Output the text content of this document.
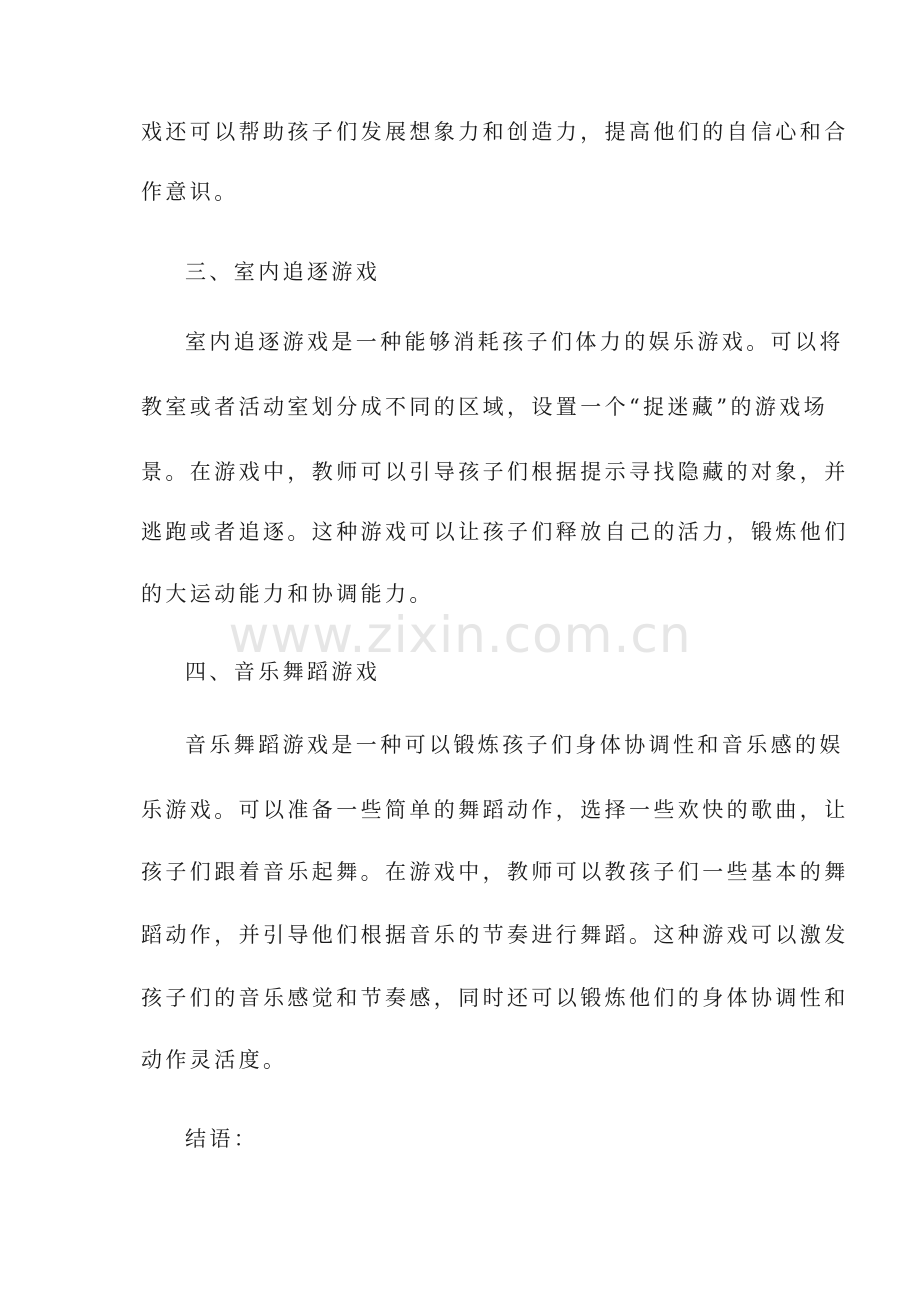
戏还可以帮助孩子们发展想象力和创造力，提高他们的自信心和合
作意识。
三、室内追逐游戏
室内追逐游戏是一种能够消耗孩子们体力的娱乐游戏。可以将
教室或者活动室划分成不同的区域，设置一个“捉迷藏”的游戏场
景。在游戏中，教师可以引导孩子们根据提示寻找隐藏的对象，并
逃跑或者追逐。这种游戏可以让孩子们释放自己的活力，锻炼他们
的大运动能力和协调能力。
四、音乐舞蹈游戏
音乐舞蹈游戏是一种可以锻炼孩子们身体协调性和音乐感的娱
乐游戏。可以准备一些简单的舞蹈动作，选择一些欢快的歌曲，让
孩子们跟着音乐起舞。在游戏中，教师可以教孩子们一些基本的舞
蹈动作，并引导他们根据音乐的节奏进行舞蹈。这种游戏可以激发
孩子们的音乐感觉和节奏感，同时还可以锻炼他们的身体协调性和
动作灵活度。
结语：
www.zixin.com.cn
